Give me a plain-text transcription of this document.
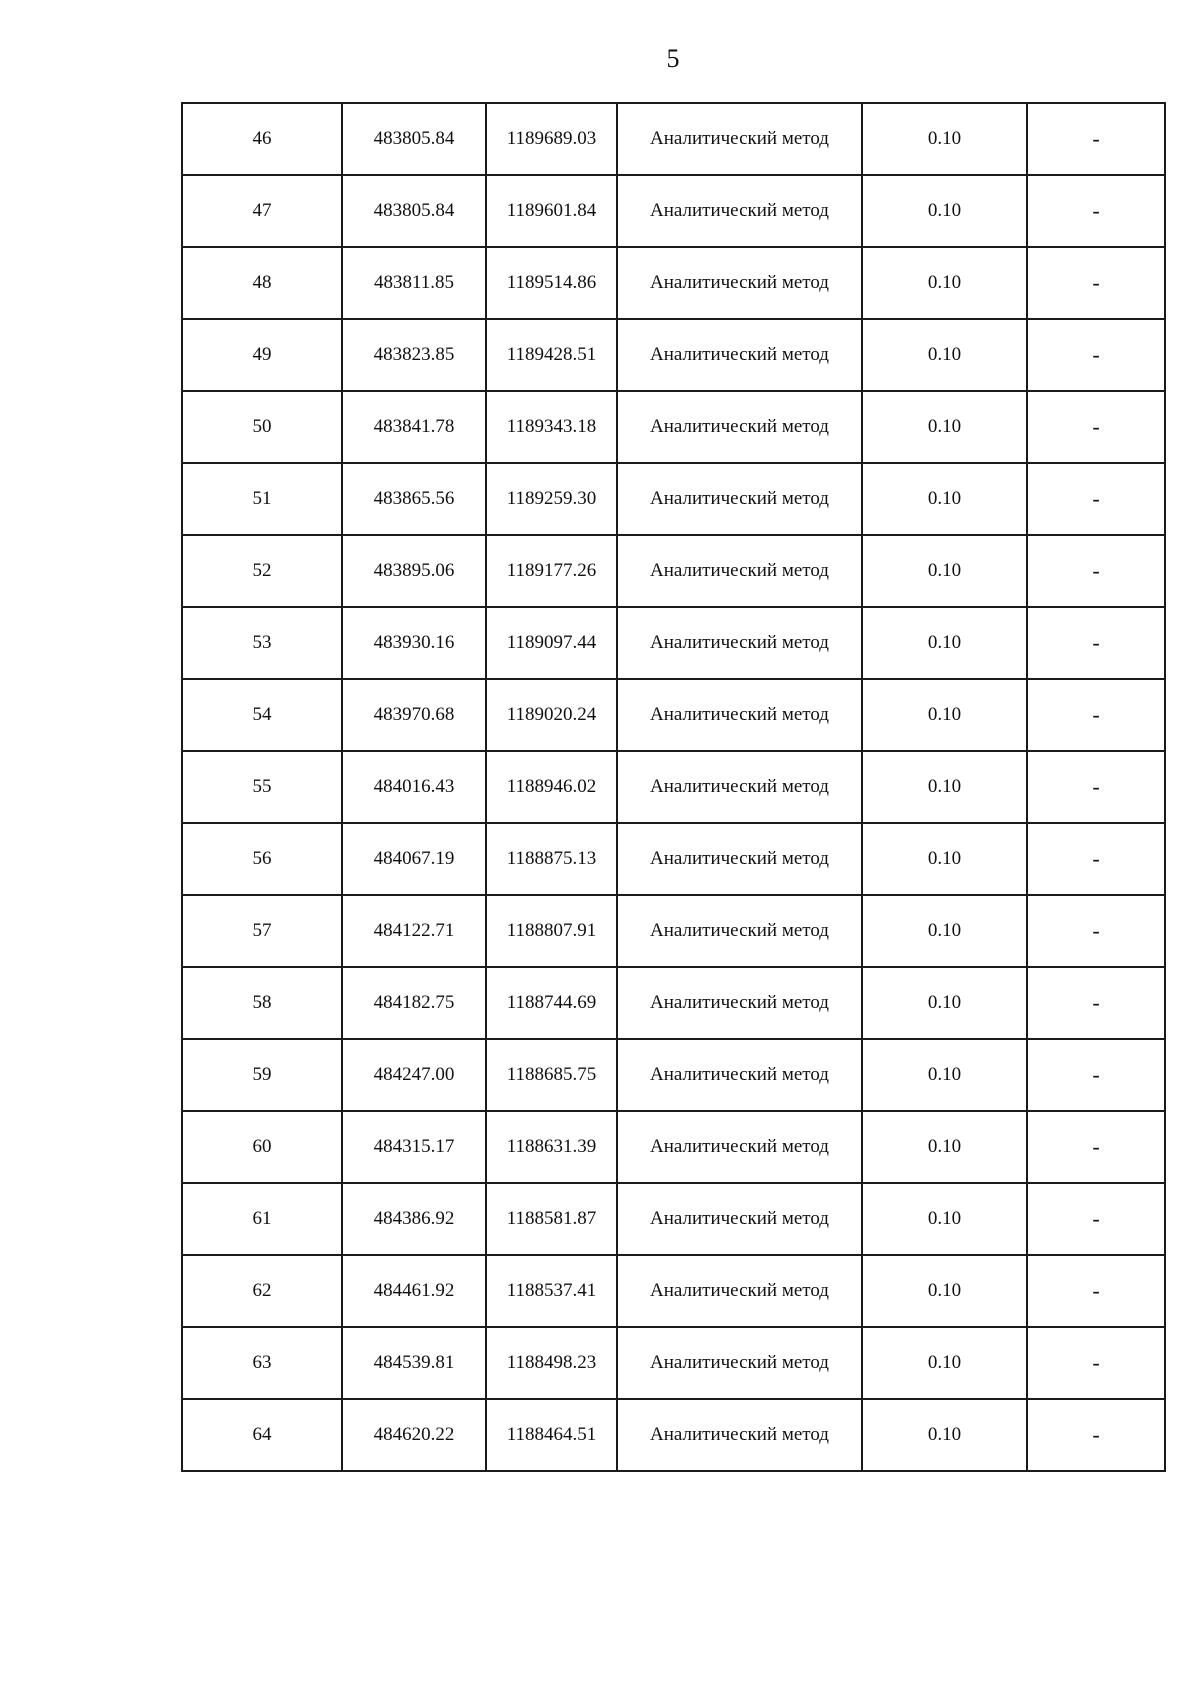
5
46	483805.84	1189689.03	Аналитический метод	0.10	-
47	483805.84	1189601.84	Аналитический метод	0.10	-
48	483811.85	1189514.86	Аналитический метод	0.10	-
49	483823.85	1189428.51	Аналитический метод	0.10	-
50	483841.78	1189343.18	Аналитический метод	0.10	-
51	483865.56	1189259.30	Аналитический метод	0.10	-
52	483895.06	1189177.26	Аналитический метод	0.10	-
53	483930.16	1189097.44	Аналитический метод	0.10	-
54	483970.68	1189020.24	Аналитический метод	0.10	-
55	484016.43	1188946.02	Аналитический метод	0.10	-
56	484067.19	1188875.13	Аналитический метод	0.10	-
57	484122.71	1188807.91	Аналитический метод	0.10	-
58	484182.75	1188744.69	Аналитический метод	0.10	-
59	484247.00	1188685.75	Аналитический метод	0.10	-
60	484315.17	1188631.39	Аналитический метод	0.10	-
61	484386.92	1188581.87	Аналитический метод	0.10	-
62	484461.92	1188537.41	Аналитический метод	0.10	-
63	484539.81	1188498.23	Аналитический метод	0.10	-
64	484620.22	1188464.51	Аналитический метод	0.10	-
